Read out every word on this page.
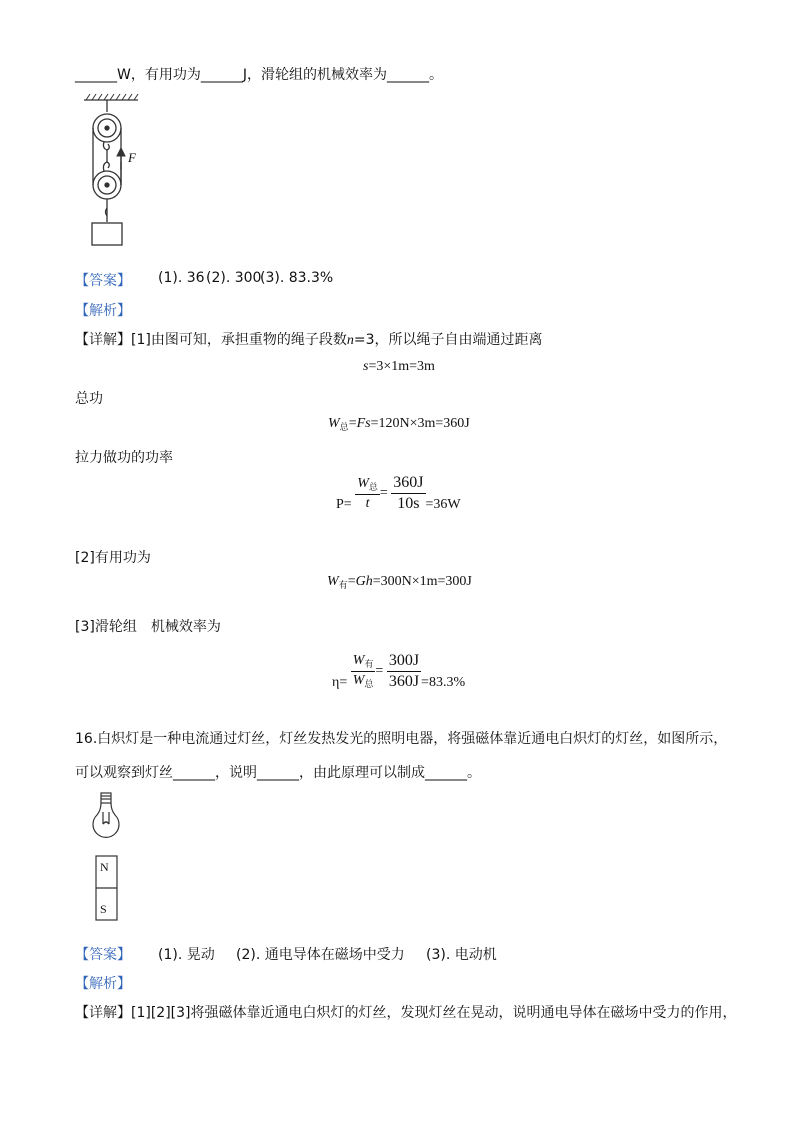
______W，有用功为______J，滑轮组的机械效率为______。
F
【答案】 (1). 36 (2). 300
(3). 83.3%
【解析】
【详解】[1]由图可知，承担重物的绳子段数n=3，所以绳子自由端通过距离
s=3×1m=3m
总功
$W_总=Fs=120N\times 3m=360J$
拉力做功的功率
$P= \frac{W_总}{t} = \frac{360J}{10s} =36W$
[2]有用功为
$W_有=Gh=300N\times 1m=300J$
[3]滑轮组　机械效率为
$\eta= \frac{W_有}{W_总} = \frac{300J}{360J} =83.3\%$
16.白炽灯是一种电流通过灯丝，灯丝发热发光的照明电器，将强磁体靠近通电白炽灯的灯丝，如图所示，
可以观察到灯丝______，说明______，由此原理可以制成______。
N
S
【答案】 (1). 晃动 (2). 通电导体在磁场中受力 (3). 电动机
【解析】
【详解】[1][2][3]将强磁体靠近通电白炽灯的灯丝，发现灯丝在晃动，说明通电导体在磁场中受力的作用，
